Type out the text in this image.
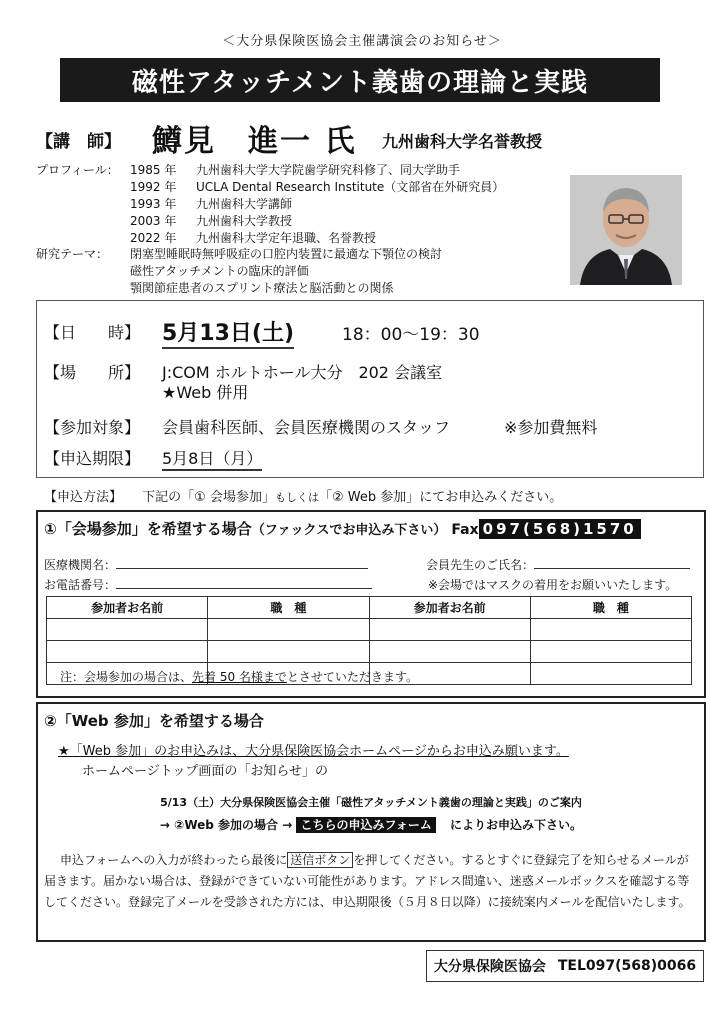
＜大分県保険医協会主催講演会のお知らせ＞
磁性アタッチメント義歯の理論と実践
【講　師】 鱒見　進一 氏 九州歯科大学名誉教授
プロフィール： 1985 年 九州歯科大学大学院歯学研究科修了、同大学助手
1992 年 UCLA Dental Research Institute（文部省在外研究員）
1993 年 九州歯科大学講師
2003 年 九州歯科大学教授
2022 年 九州歯科大学定年退職、名誉教授
研究テーマ： 閉塞型睡眠時無呼吸症の口腔内装置に最適な下顎位の検討
磁性アタッチメントの臨床的評価
顎関節症患者のスプリント療法と脳活動との関係
【日　　時】 5月13日(土)	18：00～19：30
【場　　所】 J:COM ホルトホール大分　202 会議室
★Web 併用
【参加対象】 会員歯科医師、会員医療機関のスタッフ	※参加費無料
【申込期限】 5月8日（月）
【申込方法】 下記の「① 会場参加」もしくは「② Web 参加」にてお申込みください。
①「会場参加」を希望する場合（ファックスでお申込み下さい） Fax 097(568)1570
医療機関名：	会員先生のご氏名：
お電話番号：	※会場ではマスクの着用をお願いいたします。
参加者お名前	職　種	参加者お名前	職　種

注：会場参加の場合は、先着 50 名様までとさせていただきます。
②「Web 参加」を希望する場合
★「Web 参加」のお申込みは、大分県保険医協会ホームページからお申込み願います。
ホームページトップ画面の「お知らせ」の
5/13（土）大分県保険医協会主催「磁性アタッチメント義歯の理論と実践」のご案内
→ ②Web 参加の場合 → こちらの申込みフォーム によりお申込み下さい。
申込フォームへの入力が終わったら最後に 送信ボタン を押してください。するとすぐに登録完了を知らせるメールが届きます。届かない場合は、登録ができていない可能性があります。アドレス間違い、迷惑メールボックスを確認する等してください。登録完了メールを受診された方には、申込期限後（５月８日以降）に接続案内メールを配信いたします。
大分県保険医協会 TEL097(568)0066
